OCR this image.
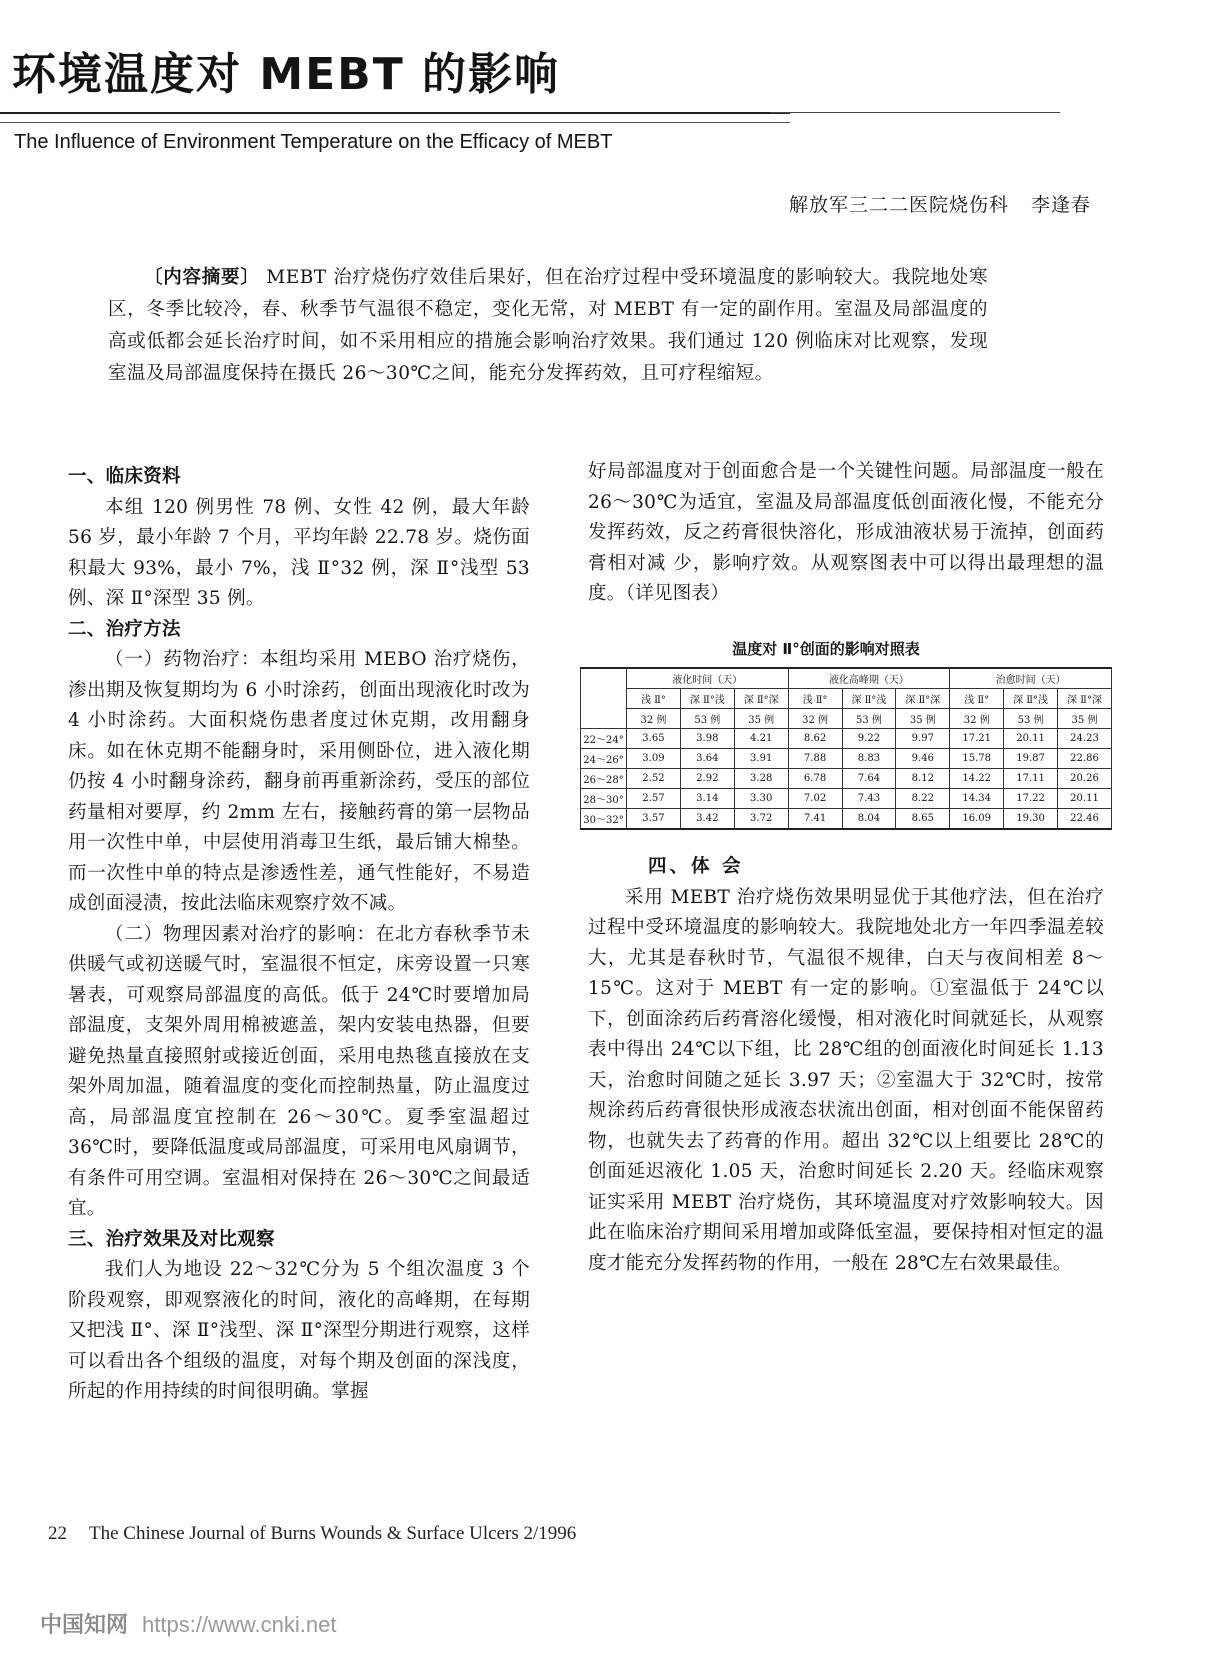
环境温度对 MEBT 的影响
The Influence of Environment Temperature on the Efficacy of MEBT
解放军三二二医院烧伤科 李逢春
〔内容摘要〕 MEBT 治疗烧伤疗效佳后果好，但在治疗过程中受环境温度的影响较大。我院地处寒区，冬季比较冷，春、秋季节气温很不稳定，变化无常，对 MEBT 有一定的副作用。室温及局部温度的高或低都会延长治疗时间，如不采用相应的措施会影响治疗效果。我们通过 120 例临床对比观察，发现室温及局部温度保持在摄氏 26～30℃之间，能充分发挥药效，且可疗程缩短。
一、临床资料

本组 120 例男性 78 例、女性 42 例，最大年龄 56 岁，最小年龄 7 个月，平均年龄 22.78 岁。烧伤面积最大 93%，最小 7%，浅 Ⅱ°32 例，深 Ⅱ°浅型 53 例、深 Ⅱ°深型 35 例。

二、治疗方法

（一）药物治疗：本组均采用 MEBO 治疗烧伤，渗出期及恢复期均为 6 小时涂药，创面出现液化时改为 4 小时涂药。大面积烧伤患者度过休克期，改用翻身床。如在休克期不能翻身时，采用侧卧位，进入液化期仍按 4 小时翻身涂药，翻身前再重新涂药，受压的部位药量相对要厚，约 2mm 左右，接触药膏的第一层物品用一次性中单，中层使用消毒卫生纸，最后铺大棉垫。而一次性中单的特点是渗透性差，通气性能好，不易造成创面浸渍，按此法临床观察疗效不减。

（二）物理因素对治疗的影响：在北方春秋季节未供暖气或初送暖气时，室温很不恒定，床旁设置一只寒暑表，可观察局部温度的高低。低于 24℃时要增加局部温度，支架外周用棉被遮盖，架内安装电热器，但要避免热量直接照射或接近创面，采用电热毯直接放在支架外周加温，随着温度的变化而控制热量，防止温度过高，局部温度宜控制在 26～30℃。夏季室温超过 36℃时，要降低温度或局部温度，可采用电风扇调节，有条件可用空调。室温相对保持在 26～30℃之间最适宜。

三、治疗效果及对比观察

我们人为地设 22～32℃分为 5 个组次温度 3 个阶段观察，即观察液化的时间，液化的高峰期，在每期又把浅 Ⅱ°、深 Ⅱ°浅型、深 Ⅱ°深型分期进行观察，这样可以看出各个组级的温度，对每个期及创面的深浅度，所起的作用持续的时间很明确。掌握

好局部温度对于创面愈合是一个关键性问题。局部温度一般在 26～30℃为适宜，室温及局部温度低创面液化慢，不能充分发挥药效，反之药膏很快溶化，形成油液状易于流掉，创面药膏相对减 少，影响疗效。从观察图表中可以得出最理想的温度。（详见图表）

温度对 Ⅱ°创面的影响对照表
	液化时间（天）			液化高峰期（天）			治愈时间（天）		
	浅 Ⅱ°	深 Ⅱ°浅	深 Ⅱ°深	浅 Ⅱ°	深 Ⅱ°浅	深 Ⅱ°深	浅 Ⅱ°	深 Ⅱ°浅	深 Ⅱ°深
	32 例	53 例	35 例	32 例	53 例	35 例	32 例	53 例	35 例
22～24°	3.65	3.98	4.21	8.62	9.22	9.97	17.21	20.11	24.23
24～26°	3.09	3.64	3.91	7.88	8.83	9.46	15.78	19.87	22.86
26～28°	2.52	2.92	3.28	6.78	7.64	8.12	14.22	17.11	20.26
28～30°	2.57	3.14	3.30	7.02	7.43	8.22	14.34	17.22	20.11
30～32°	3.57	3.42	3.72	7.41	8.04	8.65	16.09	19.30	22.46
四、体 会

采用 MEBT 治疗烧伤效果明显优于其他疗法，但在治疗过程中受环境温度的影响较大。我院地处北方一年四季温差较大，尤其是春秋时节，气温很不规律，白天与夜间相差 8～15℃。这对于 MEBT 有一定的影响。①室温低于 24℃以下，创面涂药后药膏溶化缓慢，相对液化时间就延长，从观察表中得出 24℃以下组，比 28℃组的创面液化时间延长 1.13 天，治愈时间随之延长 3.97 天；②室温大于 32℃时，按常规涂药后药膏很快形成液态状流出创面，相对创面不能保留药物，也就失去了药膏的作用。超出 32℃以上组要比 28℃的创面延迟液化 1.05 天，治愈时间延长 2.20 天。经临床观察证实采用 MEBT 治疗烧伤，其环境温度对疗效影响较大。因此在临床治疗期间采用增加或降低室温，要保持相对恒定的温度才能充分发挥药物的作用，一般在 28℃左右效果最佳。

22 The Chinese Journal of Burns Wounds & Surface Ulcers 2/1996
中国知网 https://www.cnki.net
